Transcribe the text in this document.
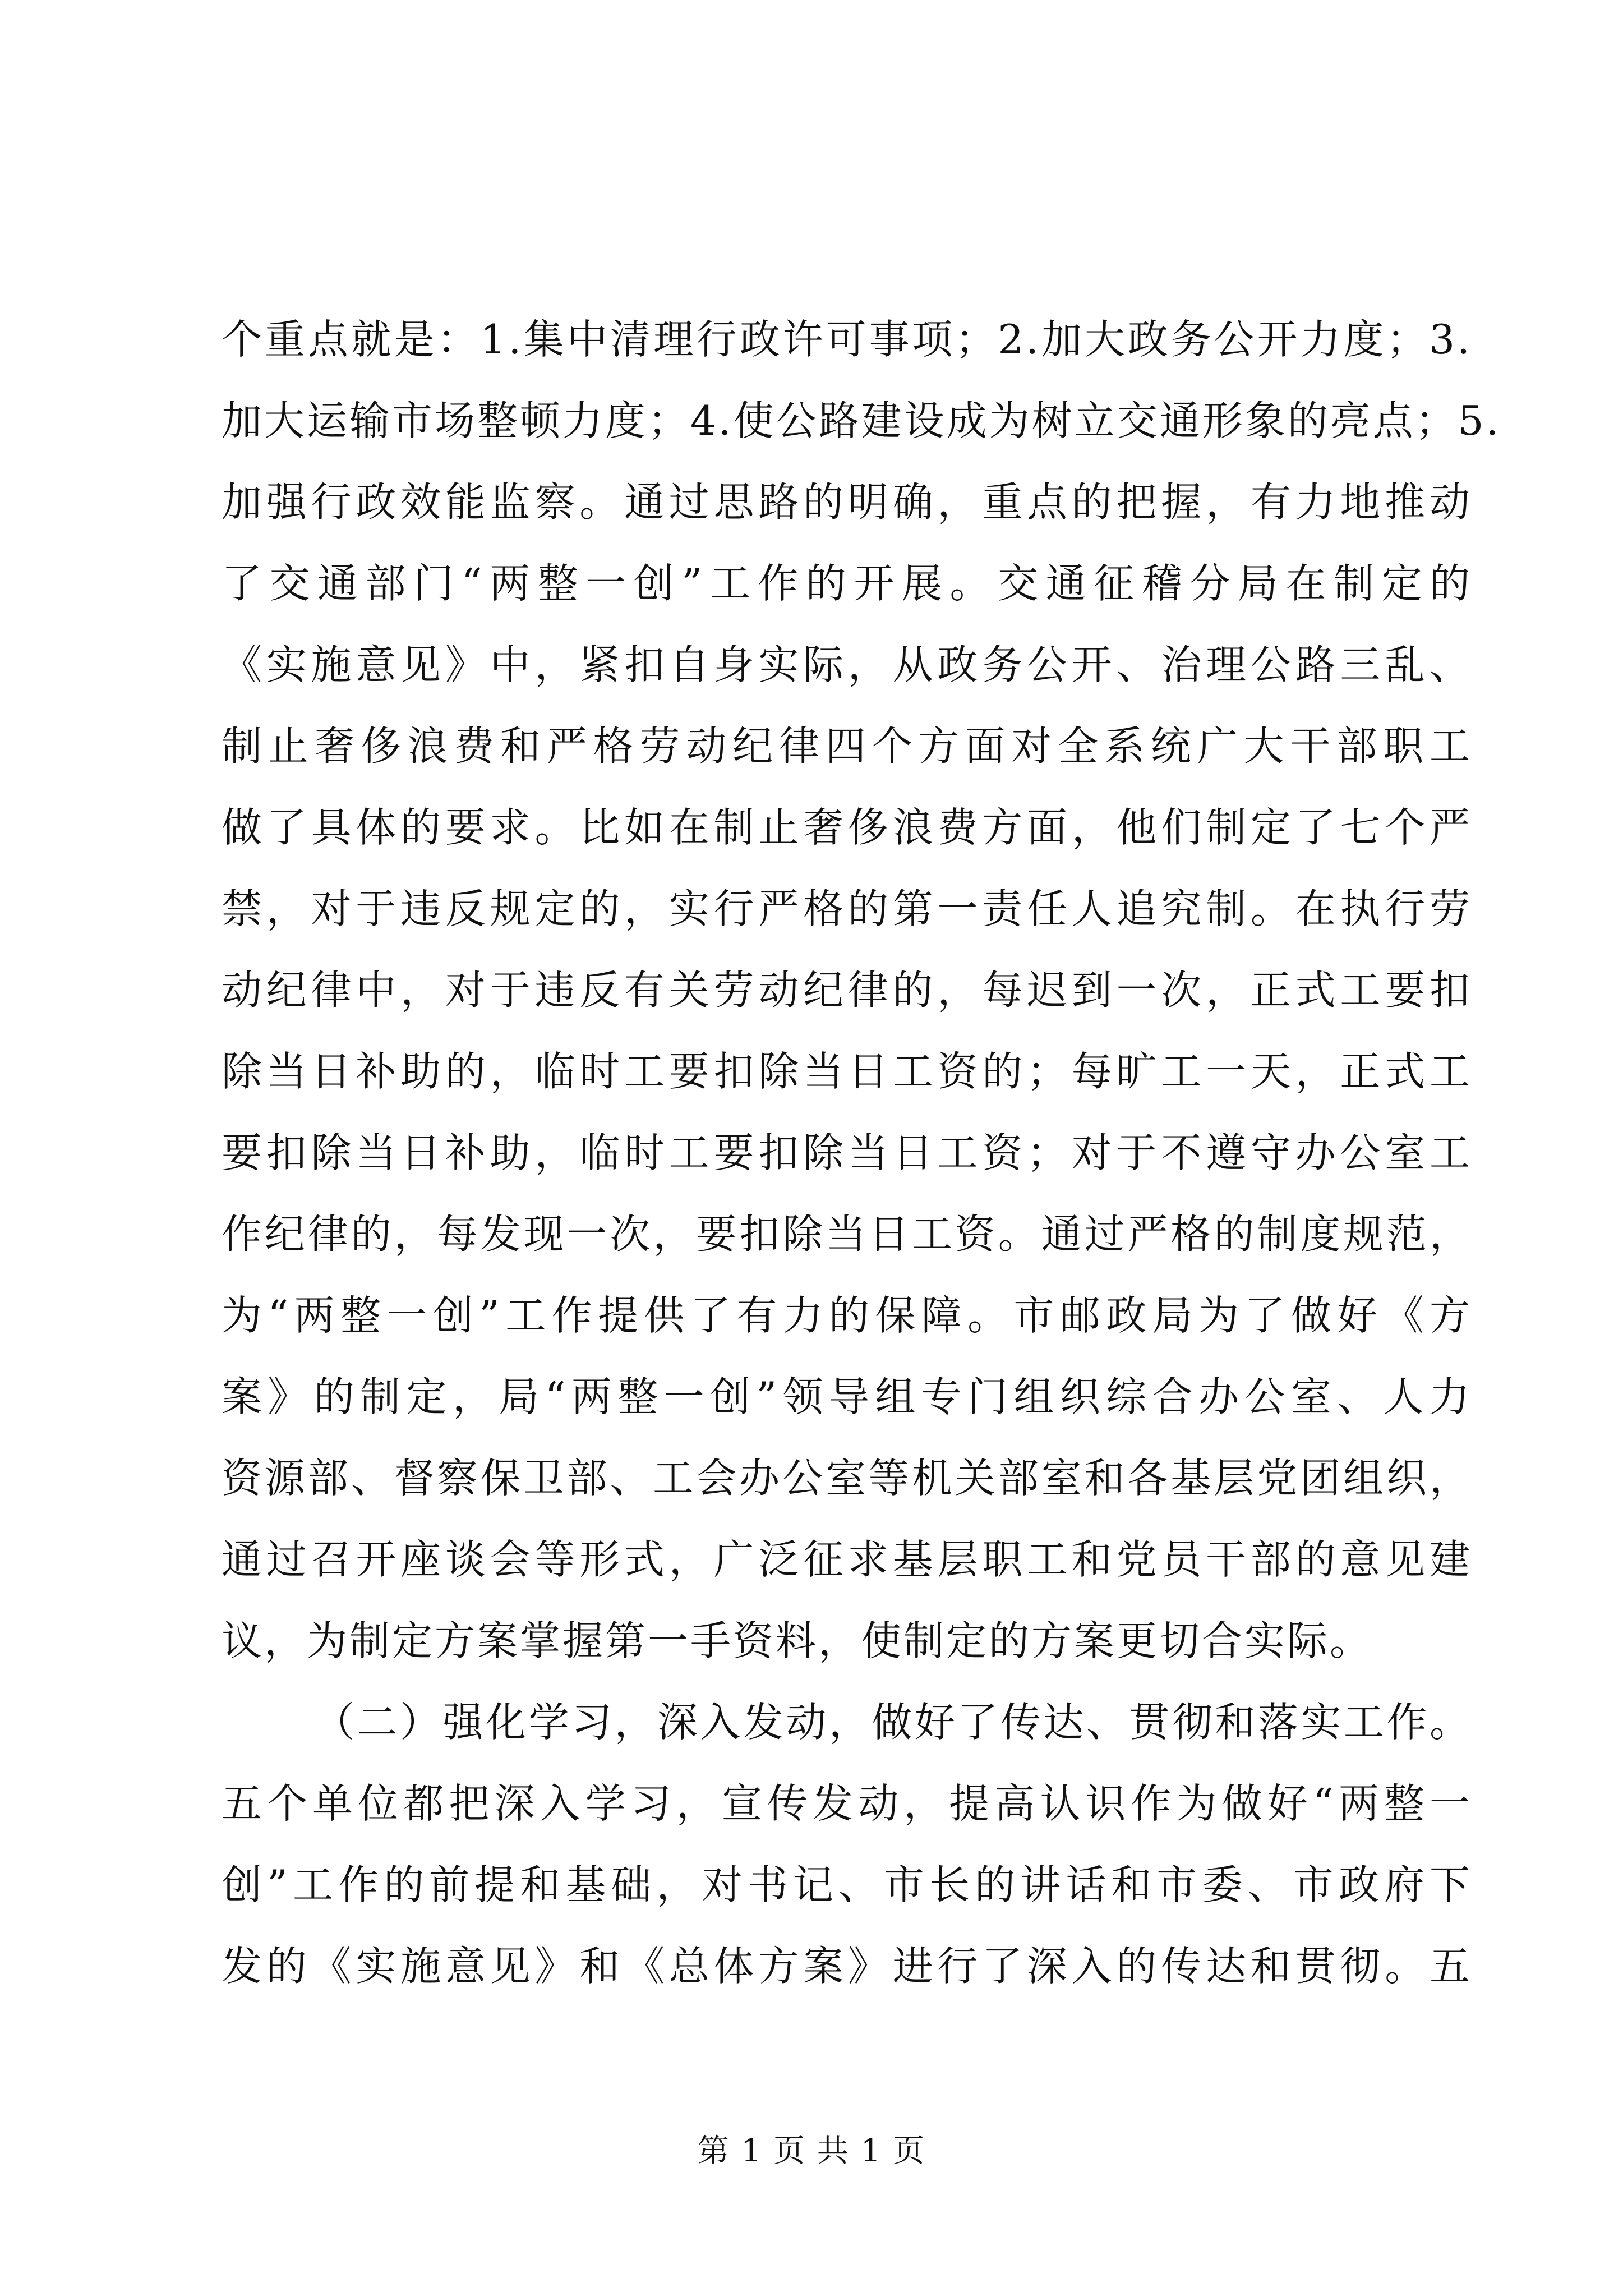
个重点就是：1.集中清理行政许可事项；2.加大政务公开力度；3.
加大运输市场整顿力度；4.使公路建设成为树立交通形象的亮点；5.
加强行政效能监察。通过思路的明确，重点的把握，有力地推动
了交通部门“两整一创”工作的开展。交通征稽分局在制定的
《实施意见》中，紧扣自身实际，从政务公开、治理公路三乱、
制止奢侈浪费和严格劳动纪律四个方面对全系统广大干部职工
做了具体的要求。比如在制止奢侈浪费方面，他们制定了七个严
禁，对于违反规定的，实行严格的第一责任人追究制。在执行劳
动纪律中，对于违反有关劳动纪律的，每迟到一次，正式工要扣
除当日补助的，临时工要扣除当日工资的；每旷工一天，正式工
要扣除当日补助，临时工要扣除当日工资；对于不遵守办公室工
作纪律的，每发现一次，要扣除当日工资。通过严格的制度规范，
为“两整一创”工作提供了有力的保障。市邮政局为了做好《方
案》的制定，局“两整一创”领导组专门组织综合办公室、人力
资源部、督察保卫部、工会办公室等机关部室和各基层党团组织，
通过召开座谈会等形式，广泛征求基层职工和党员干部的意见建
议，为制定方案掌握第一手资料，使制定的方案更切合实际。
（二）强化学习，深入发动，做好了传达、贯彻和落实工作。
五个单位都把深入学习，宣传发动，提高认识作为做好“两整一
创”工作的前提和基础，对书记、市长的讲话和市委、市政府下
发的《实施意见》和《总体方案》进行了深入的传达和贯彻。五
第 1 页 共 1 页
